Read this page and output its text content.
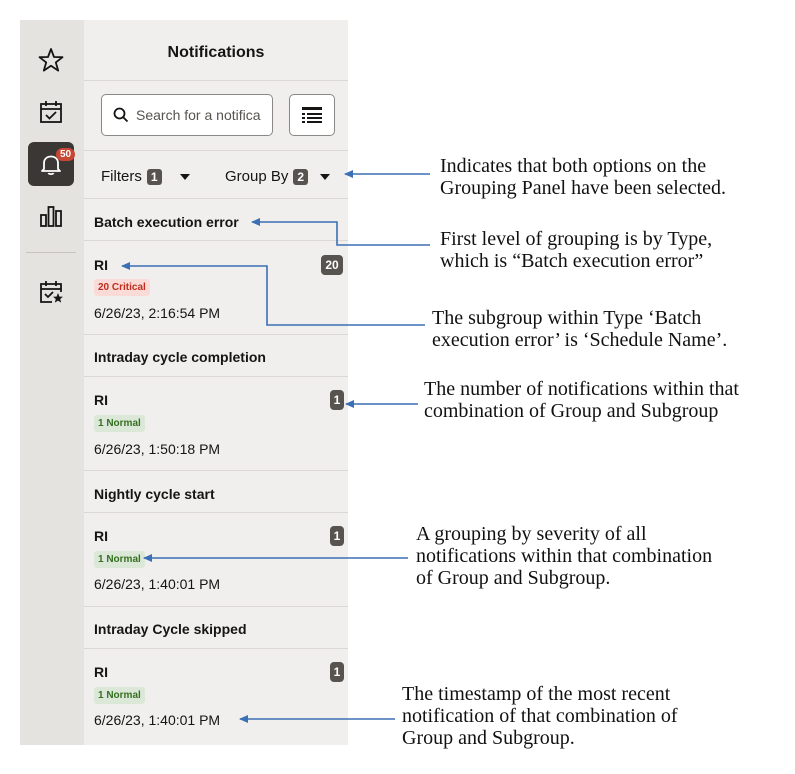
50
Notifications
Search for a notifica
Filters 1	Group By 2
Batch execution error
RI	20
20 Critical
6/26/23, 2:16:54 PM
Intraday cycle completion
RI	1
1 Normal
6/26/23, 1:50:18 PM
Nightly cycle start
RI	1
1 Normal
6/26/23, 1:40:01 PM
Intraday Cycle skipped
RI	1
1 Normal
6/26/23, 1:40:01 PM
Indicates that both options on the
Grouping Panel have been selected.
First level of grouping is by Type,
which is “Batch execution error”
The subgroup within Type ‘Batch
execution error’ is ‘Schedule Name’.
The number of notifications within that
combination of Group and Subgroup
A grouping by severity of all
notifications within that combination
of Group and Subgroup.
The timestamp of the most recent
notification of that combination of
Group and Subgroup.
